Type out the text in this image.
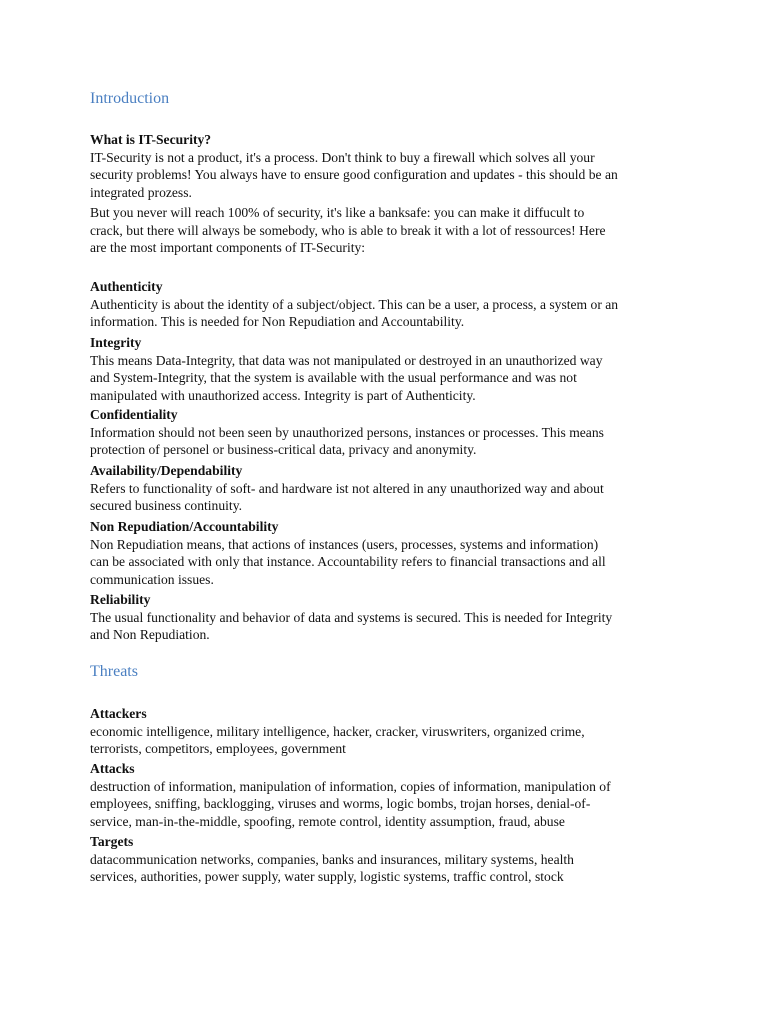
Introduction
What is IT-Security?

IT-Security is not a product, it's a process. Don't think to buy a firewall which solves all your
security problems! You always have to ensure good configuration and updates - this should be an
integrated prozess.

But you never will reach 100% of security, it's like a banksafe: you can make it diffucult to
crack, but there will always be somebody, who is able to break it with a lot of ressources! Here
are the most important components of IT-Security:

Authenticity

Authenticity is about the identity of a subject/object. This can be a user, a process, a system or an
information. This is needed for Non Repudiation and Accountability.

Integrity

This means Data-Integrity, that data was not manipulated or destroyed in an unauthorized way
and System-Integrity, that the system is available with the usual performance and was not
manipulated with unauthorized access. Integrity is part of Authenticity.

Confidentiality

Information should not been seen by unauthorized persons, instances or processes. This means
protection of personel or business-critical data, privacy and anonymity.

Availability/Dependability

Refers to functionality of soft- and hardware ist not altered in any unauthorized way and about
secured business continuity.

Non Repudiation/Accountability

Non Repudiation means, that actions of instances (users, processes, systems and information)
can be associated with only that instance. Accountability refers to financial transactions and all
communication issues.

Reliability

The usual functionality and behavior of data and systems is secured. This is needed for Integrity
and Non Repudiation.

Threats
Attackers

economic intelligence, military intelligence, hacker, cracker, viruswriters, organized crime,
terrorists, competitors, employees, government

Attacks

destruction of information, manipulation of information, copies of information, manipulation of
employees, sniffing, backlogging, viruses and worms, logic bombs, trojan horses, denial-of-
service, man-in-the-middle, spoofing, remote control, identity assumption, fraud, abuse

Targets

datacommunication networks, companies, banks and insurances, military systems, health
services, authorities, power supply, water supply, logistic systems, traffic control, stock
